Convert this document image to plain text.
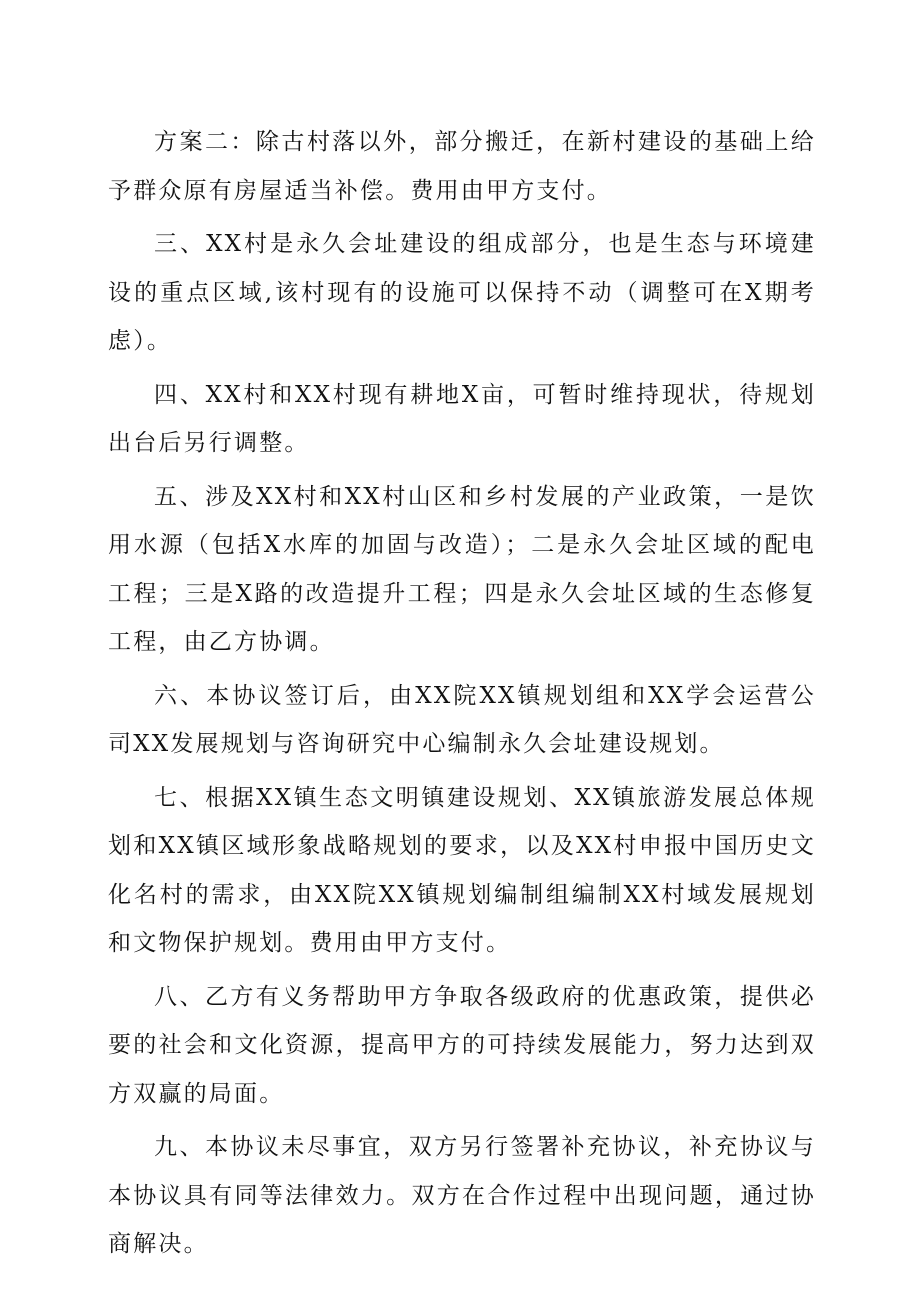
方案二：除古村落以外，部分搬迁，在新村建设的基础上给予群众原有房屋适当补偿。费用由甲方支付。

三、XX村是永久会址建设的组成部分，也是生态与环境建设的重点区域,该村现有的设施可以保持不动（调整可在X期考虑）。

四、XX村和XX村现有耕地X亩，可暂时维持现状，待规划出台后另行调整。

五、涉及XX村和XX村山区和乡村发展的产业政策，一是饮用水源（包括X水库的加固与改造）；二是永久会址区域的配电工程；三是X路的改造提升工程；四是永久会址区域的生态修复工程，由乙方协调。

六、本协议签订后，由XX院XX镇规划组和XX学会运营公司XX发展规划与咨询研究中心编制永久会址建设规划。

七、根据XX镇生态文明镇建设规划、XX镇旅游发展总体规划和XX镇区域形象战略规划的要求，以及XX村申报中国历史文化名村的需求，由XX院XX镇规划编制组编制XX村域发展规划和文物保护规划。费用由甲方支付。

八、乙方有义务帮助甲方争取各级政府的优惠政策，提供必要的社会和文化资源，提高甲方的可持续发展能力，努力达到双方双赢的局面。

九、本协议未尽事宜，双方另行签署补充协议，补充协议与本协议具有同等法律效力。双方在合作过程中出现问题，通过协商解决。
